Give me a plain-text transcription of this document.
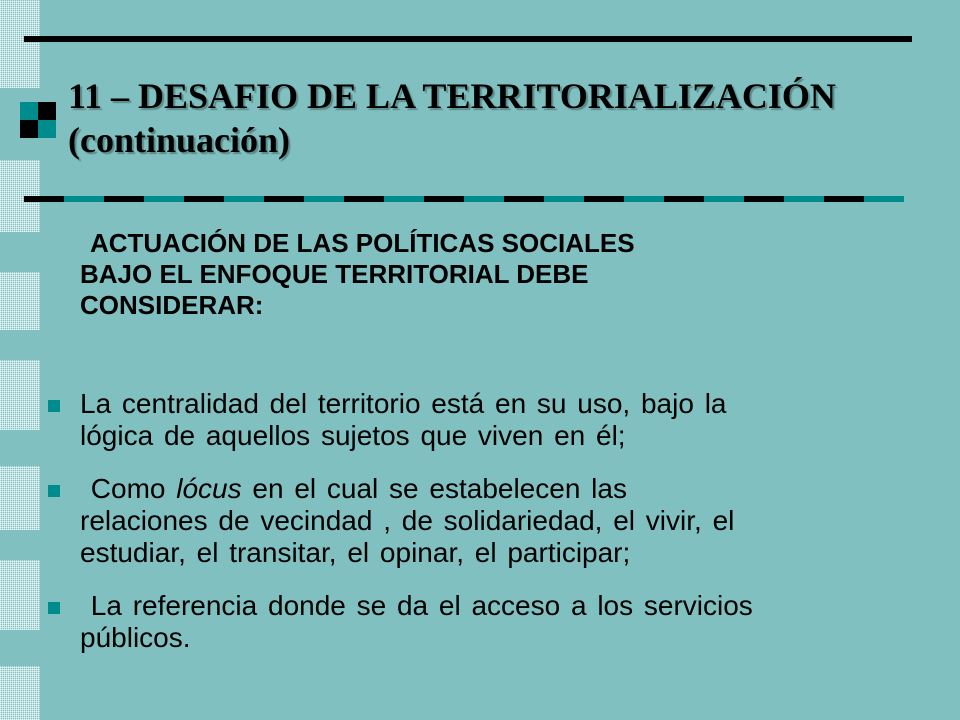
11 – DESAFIO DE LA TERRITORIALIZACIÓN
(continuación)
ACTUACIÓN DE LAS POLÍTICAS SOCIALES
BAJO EL ENFOQUE TERRITORIAL DEBE
CONSIDERAR:
La centralidad del territorio está en su uso, bajo la
lógica de aquellos sujetos que viven en él;
Como lócus en el cual se estabelecen las
relaciones de vecindad , de solidariedad, el vivir, el
estudiar, el transitar, el opinar, el participar;
La referencia donde se da el acceso a los servicios
públicos.
